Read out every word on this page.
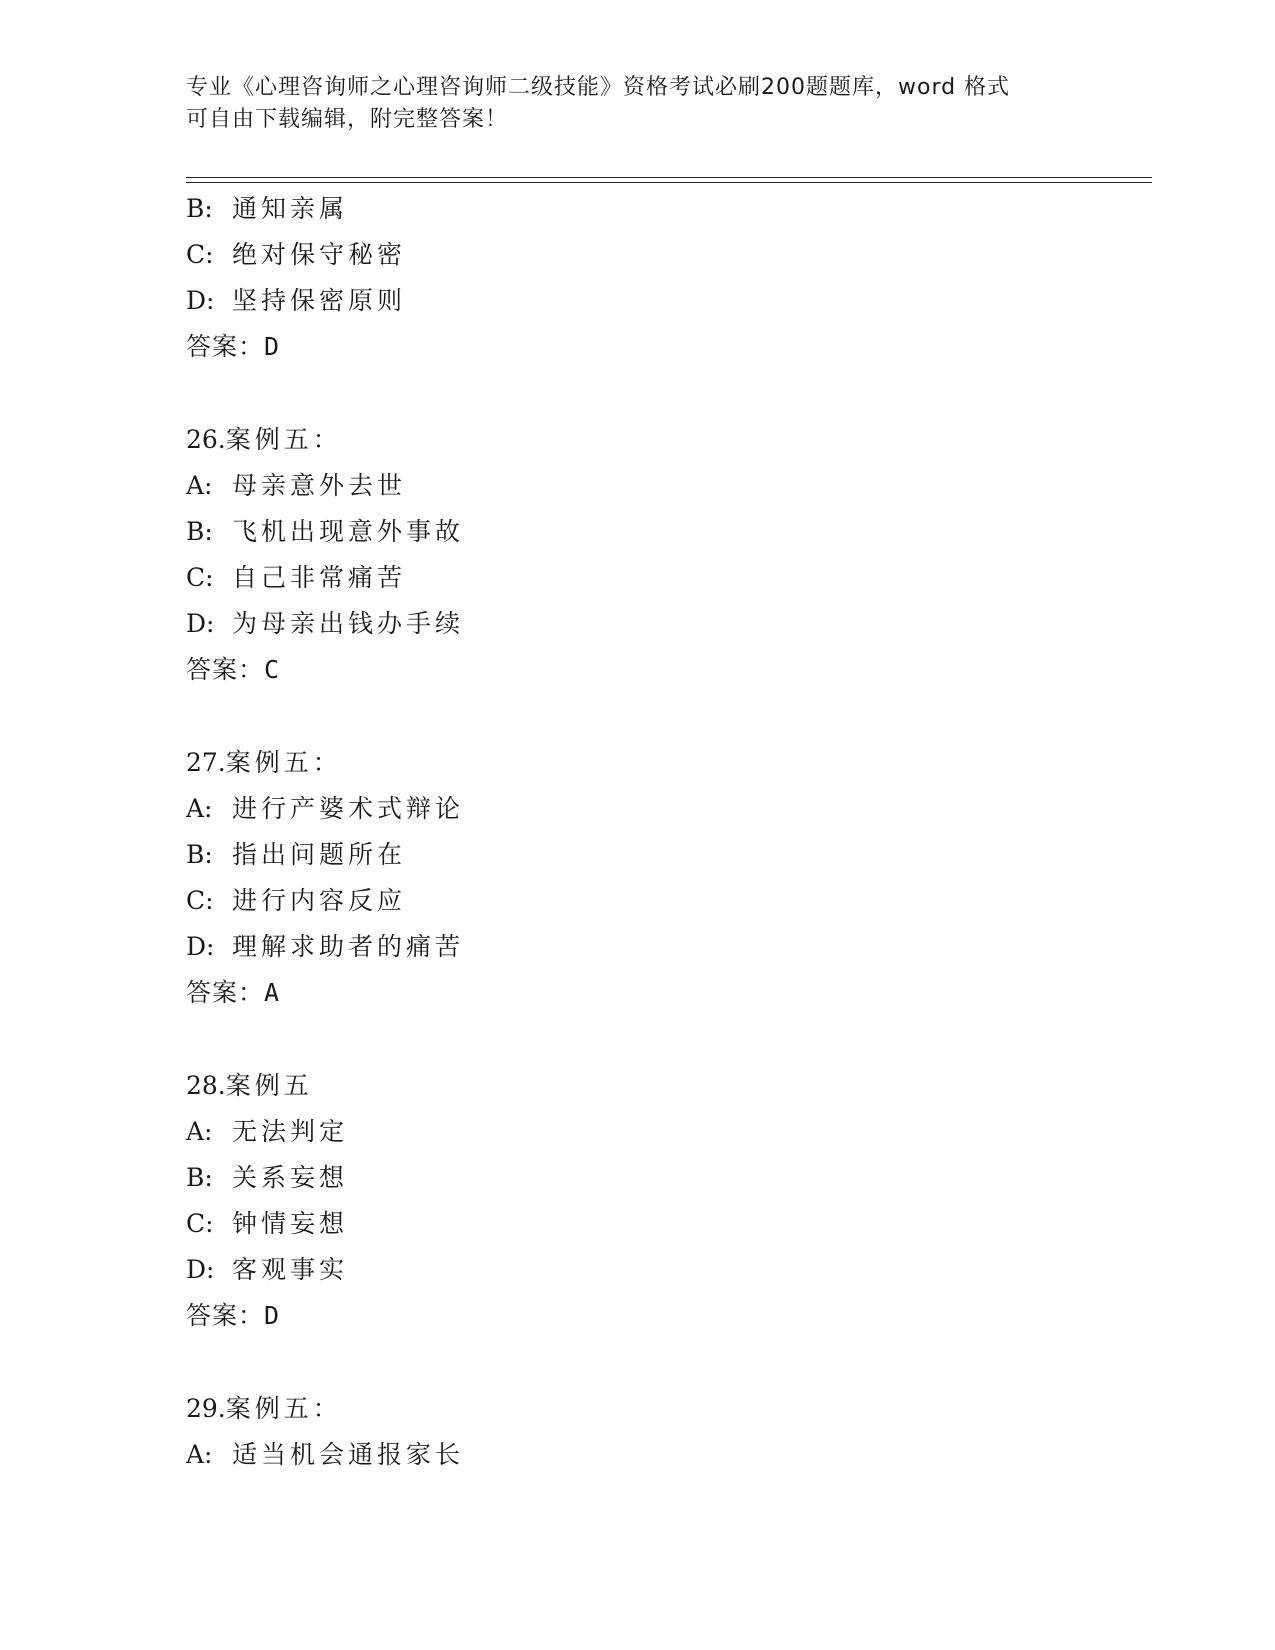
专业《心理咨询师之心理咨询师二级技能》资格考试必刷200题题库，word 格式
可自由下载编辑，附完整答案！
B: 通知亲属
C: 绝对保守秘密
D: 坚持保密原则
答案：D
26.案例五：
A: 母亲意外去世
B: 飞机出现意外事故
C: 自己非常痛苦
D: 为母亲出钱办手续
答案：C
27.案例五：
A: 进行产婆术式辩论
B: 指出问题所在
C: 进行内容反应
D: 理解求助者的痛苦
答案：A
28.案例五
A: 无法判定
B: 关系妄想
C: 钟情妄想
D: 客观事实
答案：D
29.案例五：
A: 适当机会通报家长
